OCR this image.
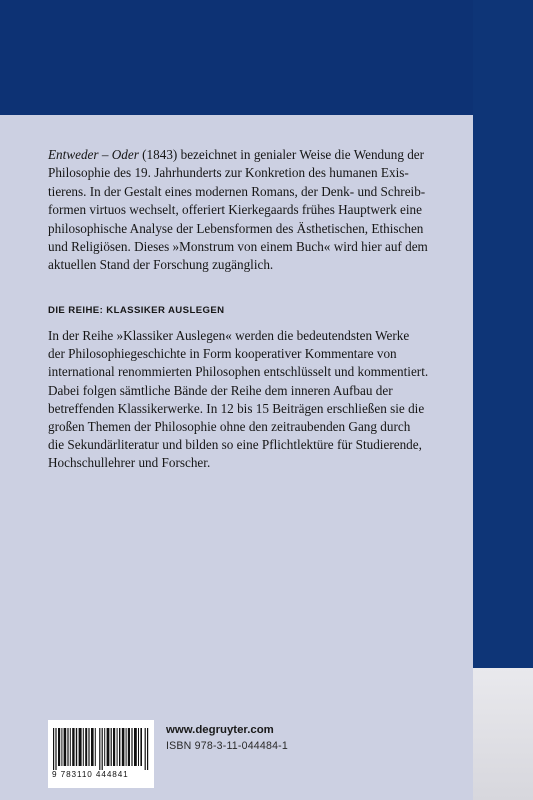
Entweder – Oder (1843) bezeichnet in genialer Weise die Wendung der
Philosophie des 19. Jahrhunderts zur Konkretion des humanen Exis-
tierens. In der Gestalt eines modernen Romans, der Denk- und Schreib-
formen virtuos wechselt, offeriert Kierkegaards frühes Hauptwerk eine
philosophische Analyse der Lebensformen des Ästhetischen, Ethischen
und Religiösen. Dieses »Monstrum von einem Buch« wird hier auf dem
aktuellen Stand der Forschung zugänglich.
DIE REIHE: KLASSIKER AUSLEGEN
In der Reihe »Klassiker Auslegen« werden die bedeutendsten Werke
der Philosophiegeschichte in Form kooperativer Kommentare von
international renommierten Philosophen entschlüsselt und kommentiert.
Dabei folgen sämtliche Bände der Reihe dem inneren Aufbau der
betreffenden Klassikerwerke. In 12 bis 15 Beiträgen erschließen sie die
großen Themen der Philosophie ohne den zeitraubenden Gang durch
die Sekundärliteratur und bilden so eine Pflichtlektüre für Studierende,
Hochschullehrer und Forscher.
9 783110 444841
www.degruyter.com
ISBN 978-3-11-044484-1
